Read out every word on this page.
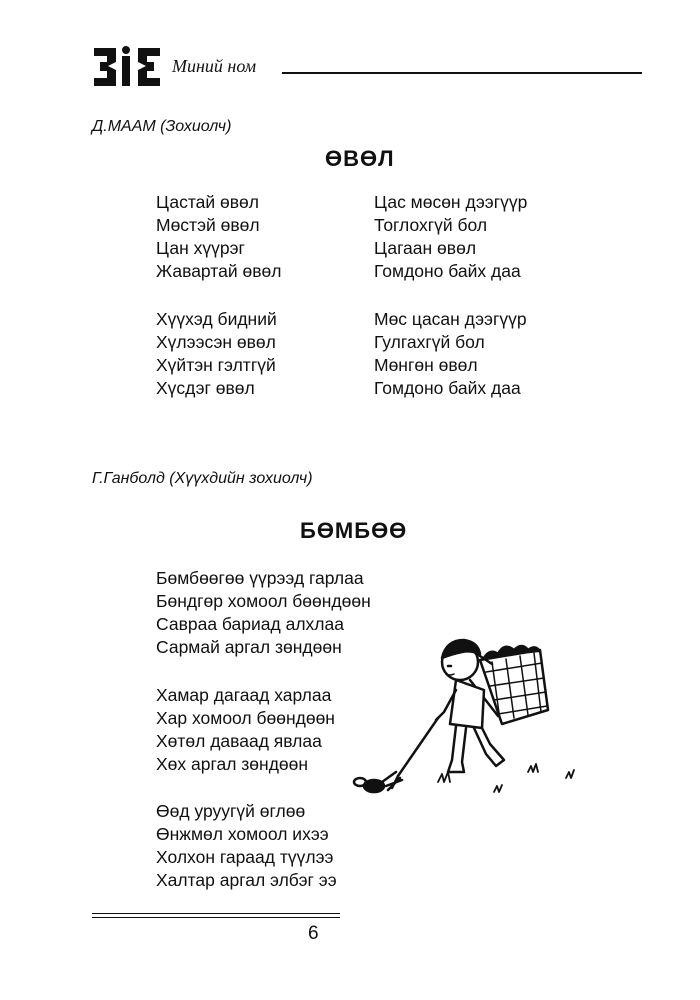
Миний ном
Д.МААМ (Зохиолч)
ӨВӨЛ
Цастай өвөл
Мөстэй өвөл
Цан хүүрэг
Жавартай өвөл
Цас мөсөн дээгүүр
Тоглохгүй бол
Цагаан өвөл
Гомдоно байх даа
Хүүхэд бидний
Хүлээсэн өвөл
Хүйтэн гэлтгүй
Хүсдэг өвөл
Мөс цасан дээгүүр
Гулгахгүй бол
Мөнгөн өвөл
Гомдоно байх даа
Г.Ганболд (Хүүхдийн зохиолч)
БӨМБӨӨ
Бөмбөөгөө үүрээд гарлаа
Бөндгөр хомоол бөөндөөн
Савраа бариад алхлаа
Сармай аргал зөндөөн
Хамар дагаад харлаа
Хар хомоол бөөндөөн
Хөтөл даваад явлаа
Хөх аргал зөндөөн
Өөд уруугүй өглөө
Өнжмөл хомоол ихээ
Холхон гараад түүлээ
Халтар аргал элбэг ээ
6
